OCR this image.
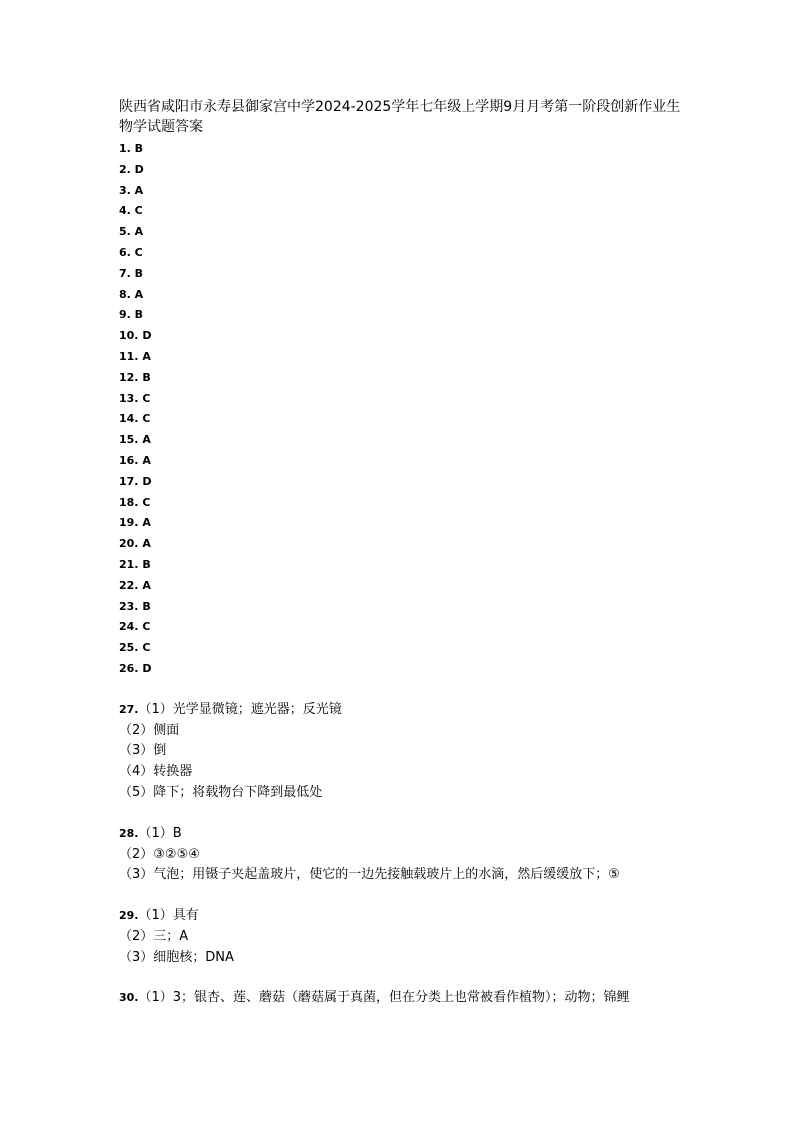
陕西省咸阳市永寿县御家宫中学2024-2025学年七年级上学期9月月考第一阶段创新作业生物学试题答案
1. B
2. D
3. A
4. C
5. A
6. C
7. B
8. A
9. B
10. D
11. A
12. B
13. C
14. C
15. A
16. A
17. D
18. C
19. A
20. A
21. B
22. A
23. B
24. C
25. C
26. D
27.（1）光学显微镜；遮光器；反光镜
（2）侧面
（3）倒
（4）转换器
（5）降下；将载物台下降到最低处
28.（1）B
（2）③②⑤④
（3）气泡；用镊子夹起盖玻片，使它的一边先接触载玻片上的水滴，然后缓缓放下；⑤
29.（1）具有
（2）三；A
（3）细胞核；DNA
30.（1）3；银杏、莲、蘑菇（蘑菇属于真菌，但在分类上也常被看作植物）；动物；锦鲤
